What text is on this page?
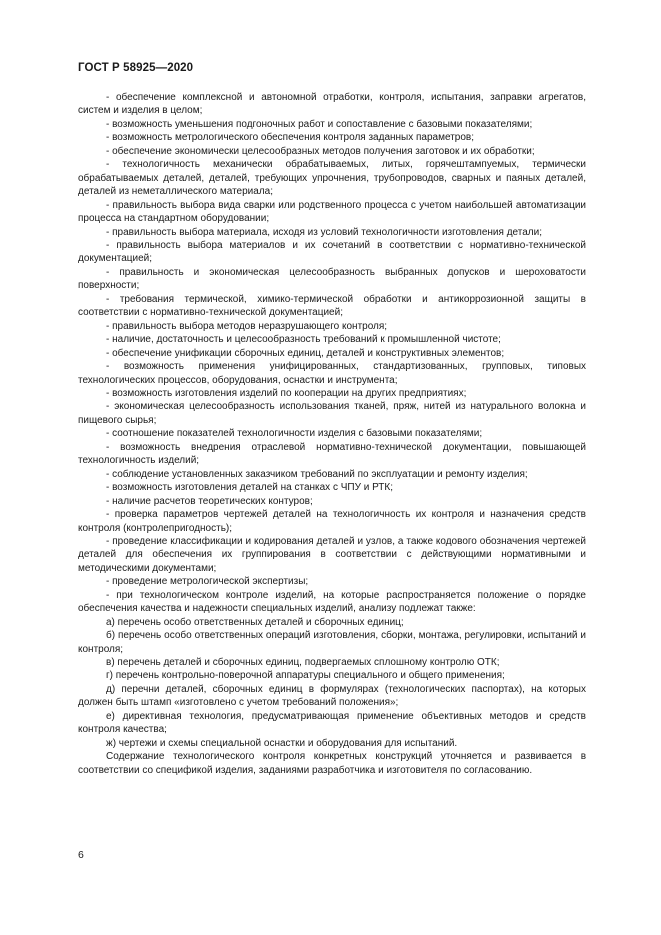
ГОСТ Р 58925—2020

- обеспечение комплексной и автономной отработки, контроля, испытания, заправки агрегатов, систем и изделия в целом;

- возможность уменьшения подгоночных работ и сопоставление с базовыми показателями;

- возможность метрологического обеспечения контроля заданных параметров;

- обеспечение экономически целесообразных методов получения заготовок и их обработки;

- технологичность механически обрабатываемых, литых, горячештампуемых, термически обрабатываемых деталей, деталей, требующих упрочнения, трубопроводов, сварных и паяных деталей, деталей из неметаллического материала;

- правильность выбора вида сварки или родственного процесса с учетом наибольшей автоматизации процесса на стандартном оборудовании;

- правильность выбора материала, исходя из условий технологичности изготовления детали;

- правильность выбора материалов и их сочетаний в соответствии с нормативно-технической документацией;

- правильность и экономическая целесообразность выбранных допусков и шероховатости поверхности;

- требования термической, химико-термической обработки и антикоррозионной защиты в соответствии с нормативно-технической документацией;

- правильность выбора методов неразрушающего контроля;

- наличие, достаточность и целесообразность требований к промышленной чистоте;

- обеспечение унификации сборочных единиц, деталей и конструктивных элементов;

- возможность применения унифицированных, стандартизованных, групповых, типовых технологических процессов, оборудования, оснастки и инструмента;

- возможность изготовления изделий по кооперации на других предприятиях;

- экономическая целесообразность использования тканей, пряж, нитей из натурального волокна и пищевого сырья;

- соотношение показателей технологичности изделия с базовыми показателями;

- возможность внедрения отраслевой нормативно-технической документации, повышающей технологичность изделий;

- соблюдение установленных заказчиком требований по эксплуатации и ремонту изделия;

- возможность изготовления деталей на станках с ЧПУ и РТК;

- наличие расчетов теоретических контуров;

- проверка параметров чертежей деталей на технологичность их контроля и назначения средств контроля (контролепригодность);

- проведение классификации и кодирования деталей и узлов, а также кодового обозначения чертежей деталей для обеспечения их группирования в соответствии с действующими нормативными и методическими документами;

- проведение метрологической экспертизы;

- при технологическом контроле изделий, на которые распространяется положение о порядке обеспечения качества и надежности специальных изделий, анализу подлежат также:

а) перечень особо ответственных деталей и сборочных единиц;

б) перечень особо ответственных операций изготовления, сборки, монтажа, регулировки, испытаний и контроля;

в) перечень деталей и сборочных единиц, подвергаемых сплошному контролю ОТК;

г) перечень контрольно-поверочной аппаратуры специального и общего применения;

д) перечни деталей, сборочных единиц в формулярах (технологических паспортах), на которых должен быть штамп «изготовлено с учетом требований положения»;

е) директивная технология, предусматривающая применение объективных методов и средств контроля качества;

ж) чертежи и схемы специальной оснастки и оборудования для испытаний.

Содержание технологического контроля конкретных конструкций уточняется и развивается в соответствии со спецификой изделия, заданиями разработчика и изготовителя по согласованию.

6
